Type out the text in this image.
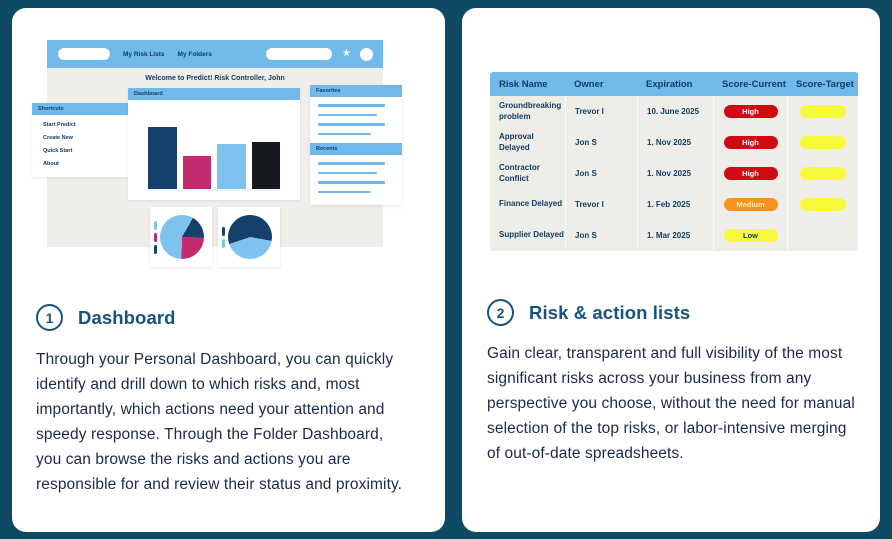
My Risk Lists My Folders	★
Welcome to Predict! Risk Controller, John
Shortcuts
Start Predict
Create New
Quick Start
About
Dashboard	Favorites
Recents
1	Dashboard

Through your Personal Dashboard, you can quickly identify and drill down to which risks and, most importantly, which actions need your attention and speedy response. Through the Folder Dashboard, you can browse the risks and actions you are responsible for and review their status and proximity.

Risk Name	Owner	Expiration	Score-Current	Score-Target
Groundbreaking problem	Trevor I	10. June 2025	High
Approval Delayed	Jon S	1. Nov 2025	High
Contractor Conflict	Jon S	1. Nov 2025	High
Finance Delayed	Trevor I	1. Feb 2025	Medium
Supplier Delayed	Jon S	1. Mar 2025	Low
2	Risk & action lists

Gain clear, transparent and full visibility of the most significant risks across your business from any perspective you choose, without the need for manual selection of the top risks, or labor-intensive merging of out-of-date spreadsheets.
